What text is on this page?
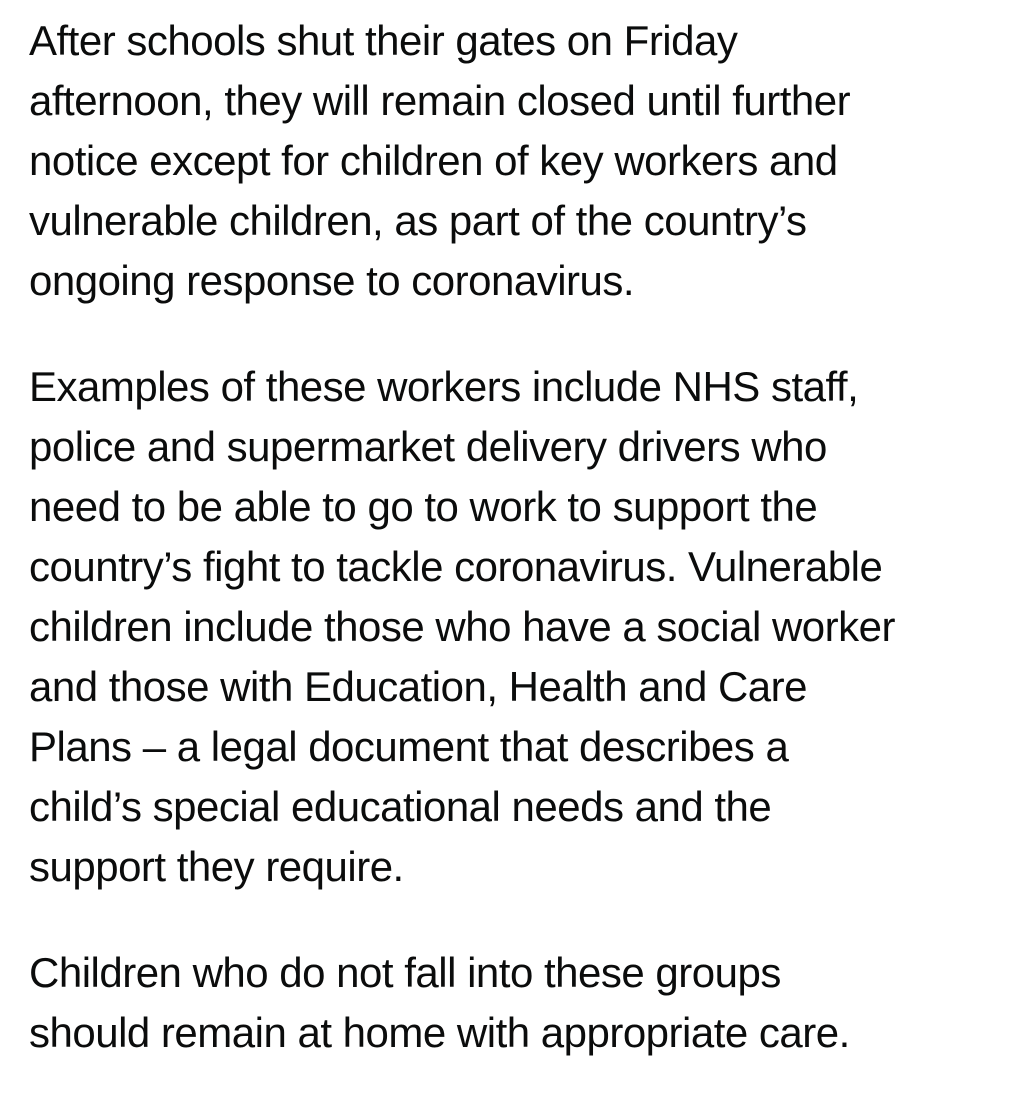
After schools shut their gates on Friday
afternoon, they will remain closed until further
notice except for children of key workers and
vulnerable children, as part of the country’s
ongoing response to coronavirus.

Examples of these workers include NHS staff,
police and supermarket delivery drivers who
need to be able to go to work to support the
country’s fight to tackle coronavirus. Vulnerable
children include those who have a social worker
and those with Education, Health and Care
Plans – a legal document that describes a
child’s special educational needs and the
support they require.

Children who do not fall into these groups
should remain at home with appropriate care.
